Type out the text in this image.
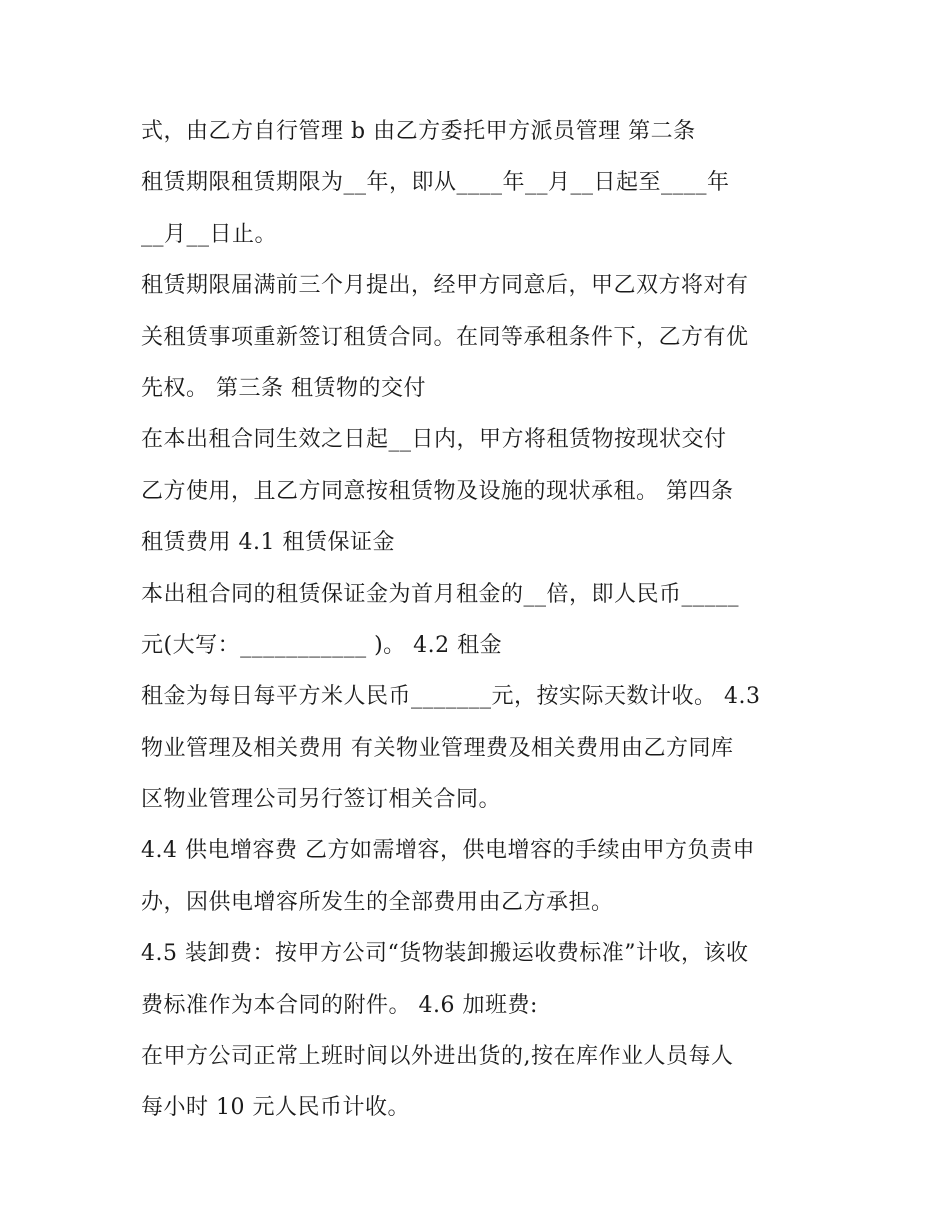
式，由乙方自行管理 b 由乙方委托甲方派员管理 第二条
租赁期限租赁期限为__年，即从____年__月__日起至____年
__月__日止。
租赁期限届满前三个月提出，经甲方同意后，甲乙双方将对有
关租赁事项重新签订租赁合同。在同等承租条件下，乙方有优
先权。 第三条 租赁物的交付
在本出租合同生效之日起__日内，甲方将租赁物按现状交付
乙方使用，且乙方同意按租赁物及设施的现状承租。 第四条
租赁费用 4.1 租赁保证金
本出租合同的租赁保证金为首月租金的__倍，即人民币_____
元(大写：___________ )。 4.2 租金
租金为每日每平方米人民币_______元，按实际天数计收。 4.3
物业管理及相关费用 有关物业管理费及相关费用由乙方同库
区物业管理公司另行签订相关合同。
4.4 供电增容费 乙方如需增容，供电增容的手续由甲方负责申
办，因供电增容所发生的全部费用由乙方承担。
4.5 装卸费：按甲方公司“货物装卸搬运收费标准”计收，该收
费标准作为本合同的附件。 4.6 加班费:
在甲方公司正常上班时间以外进出货的,按在库作业人员每人
每小时 10 元人民币计收。
